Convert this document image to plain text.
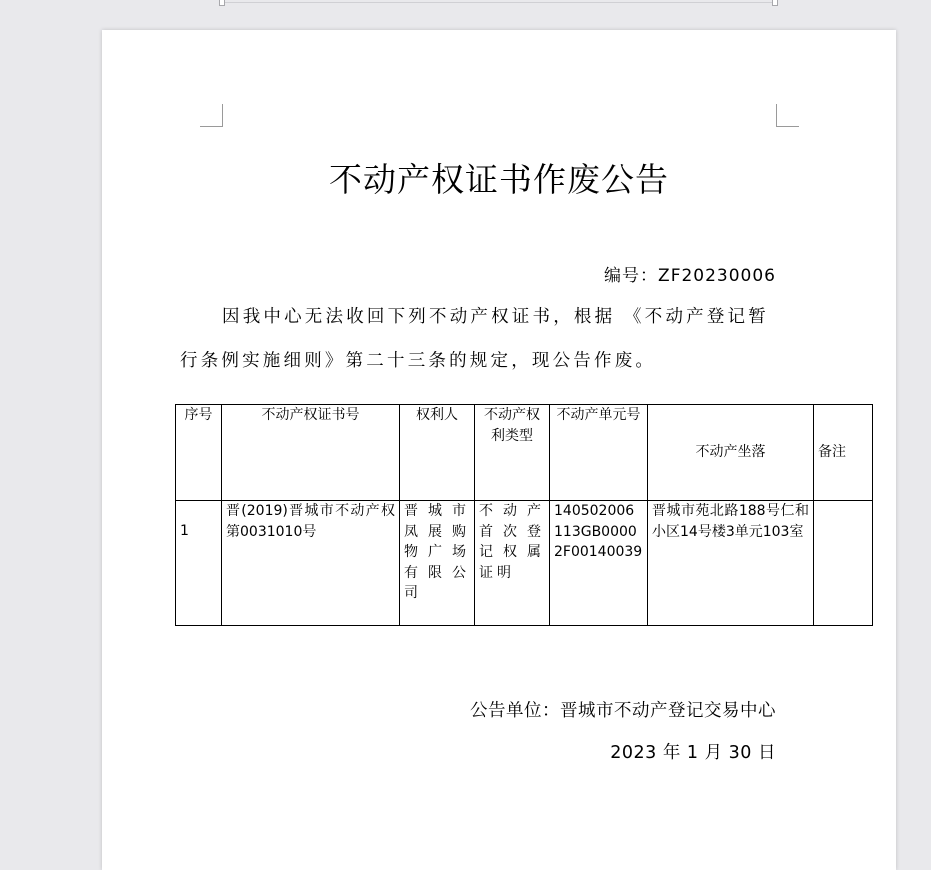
不动产权证书作废公告
编号：ZF20230006
因我中心无法收回下列不动产权证书，根据 《不动产登记暂行条例实施细则》第二十三条的规定，现公告作废。
序号	不动产权证书号	权利人	不动产权利类型	不动产单元号	不动产坐落	备注
1	晋(2019)晋城市不动产权第0031010号	晋城市凤展购物广场有限公司	不动产首次登记权属证明	140502006113GB00002F00140039	晋城市苑北路188号仁和小区14号楼3单元103室	
公告单位：晋城市不动产登记交易中心
2023 年 1 月 30 日
